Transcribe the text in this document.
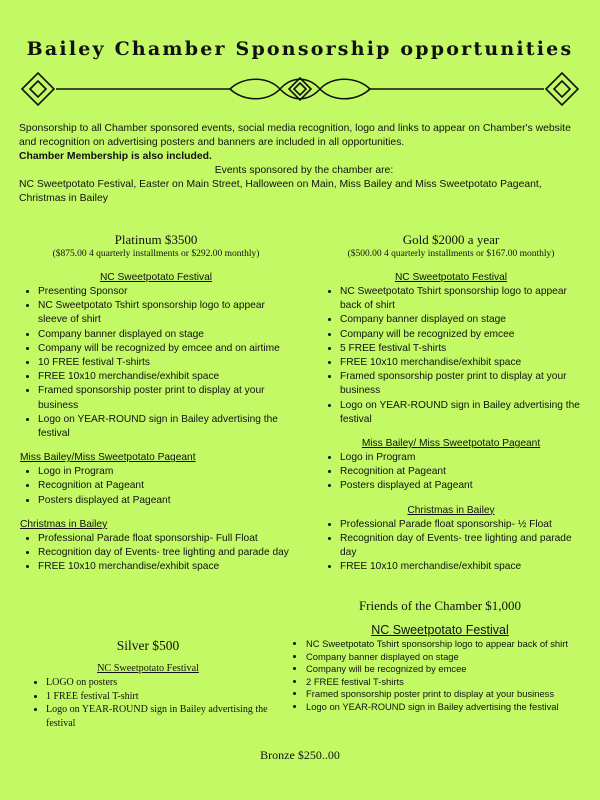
Bailey Chamber Sponsorship opportunities
Sponsorship to all Chamber sponsored events, social media recognition, logo and links to appear on Chamber's website and recognition on advertising posters and banners are included in all opportunities.
Chamber Membership is also included.
Events sponsored by the chamber are:
NC Sweetpotato Festival, Easter on Main Street, Halloween on Main, Miss Bailey and Miss Sweetpotato Pageant, Christmas in Bailey
Platinum $3500
($875.00 4 quarterly installments or $292.00 monthly)
NC Sweetpotato Festival
• Presenting Sponsor
• NC Sweetpotato Tshirt sponsorship logo to appear sleeve of shirt
• Company banner displayed on stage
• Company will be recognized by emcee and on airtime
• 10 FREE festival T-shirts
• FREE 10x10 merchandise/exhibit space
• Framed sponsorship poster print to display at your business
• Logo on YEAR-ROUND sign in Bailey advertising the festival
Miss Bailey/Miss Sweetpotato Pageant
• Logo in Program
• Recognition at Pageant
• Posters displayed at Pageant
Christmas in Bailey
• Professional Parade float sponsorship- Full Float
• Recognition day of Events- tree lighting and parade day
• FREE 10x10 merchandise/exhibit space
Gold $2000 a year
($500.00 4 quarterly installments or $167.00 monthly)
NC Sweetpotato Festival
• NC Sweetpotato Tshirt sponsorship logo to appear back of shirt
• Company banner displayed on stage
• Company will be recognized by emcee
• 5 FREE festival T-shirts
• FREE 10x10 merchandise/exhibit space
• Framed sponsorship poster print to display at your business
• Logo on YEAR-ROUND sign in Bailey advertising the festival
Miss Bailey/ Miss Sweetpotato Pageant
• Logo in Program
• Recognition at Pageant
• Posters displayed at Pageant
Christmas in Bailey
• Professional Parade float sponsorship- ½ Float
• Recognition day of Events- tree lighting and parade day
• FREE 10x10 merchandise/exhibit space
Friends of the Chamber $1,000
NC Sweetpotato Festival
• NC Sweetpotato Tshirt sponsorship logo to appear back of shirt
• Company banner displayed on stage
• Company will be recognized by emcee
• 2 FREE festival T-shirts
• Framed sponsorship poster print to display at your business
• Logo on YEAR-ROUND sign in Bailey advertising the festival
Silver $500
NC Sweetpotato Festival
• LOGO on posters
• 1 FREE festival T-shirt
• Logo on YEAR-ROUND sign in Bailey advertising the festival
Bronze $250..00
